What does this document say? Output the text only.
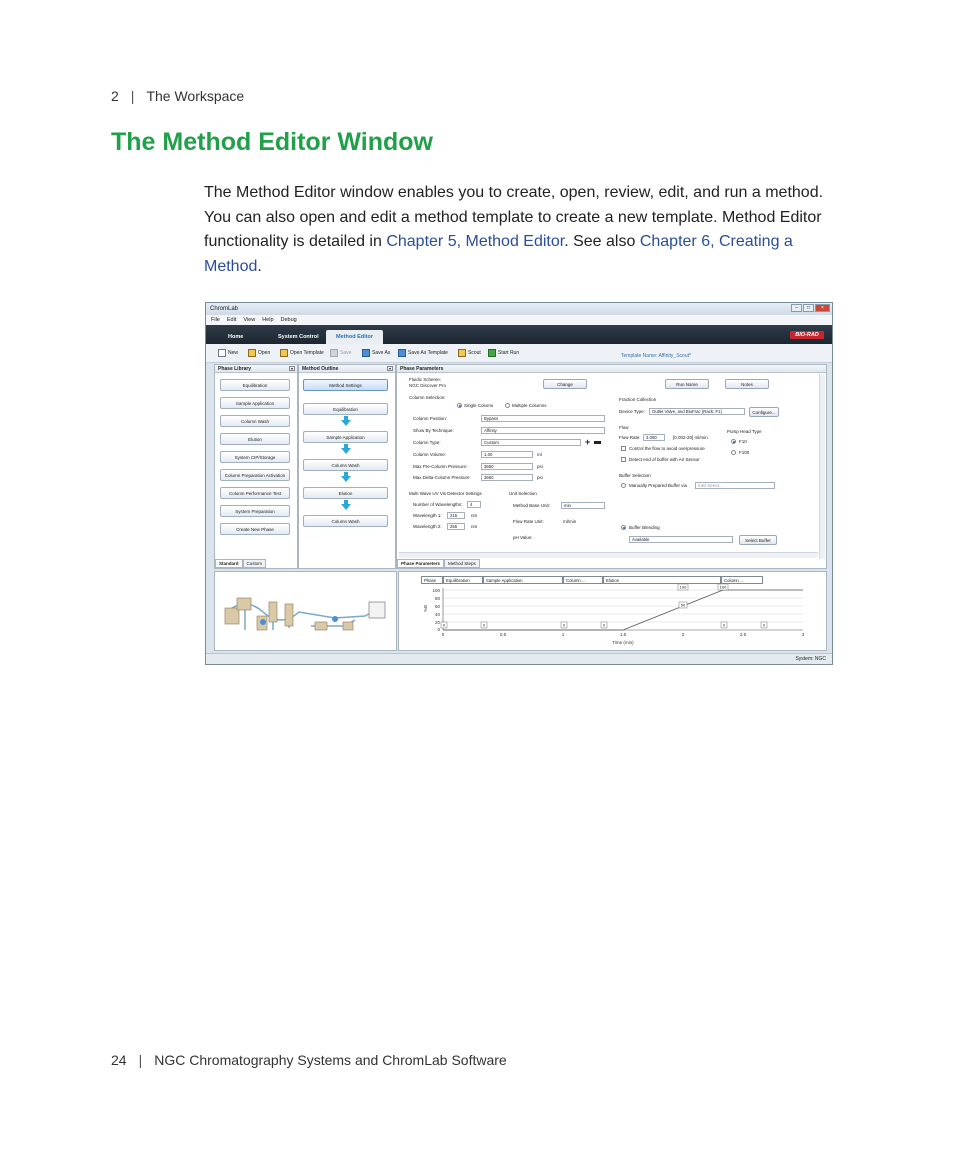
2 | The Workspace
The Method Editor Window

The Method Editor window enables you to create, open, review, edit, and run a method. You can also open and edit a method template to create a new template. Method Editor functionality is detailed in Chapter 5, Method Editor. See also Chapter 6, Creating a Method.

ChromLab	–	□	×
File Edit View Help Debug
Home	System Control	Method Editor	BIO-RAD
New	Open	Open Template	Save	Save As	Save As Template	Scout	Start Run	Template Name: Affinity_Scout*
Phase Library	▾
Equilibration
Sample Application
Column Wash
Elution
System CIP/Storage
Column Preparation Activation
Column Performance Test
System Preparation
Create New Phase
Standard	Custom
Method Outline	▾
Method Settings
Equilibration
Sample Application
Column Wash
Elution
Column Wash
Phase Parameters
Fluidic Scheme:
NGC Discover Pro	Change	Run Name	Notes
Column Selection:
Single Column	Multiple Columns
Column Position:	Bypass
Show By Technique:	Affinity
Column Type:	Custom	+
Column Volume:	1.00	ml
Max Pre-Column Pressure:	3650	psi
Max Delta-Column Pressure:	3650	psi
Multi Wave UV Vis Detector Settings
Number of Wavelengths:	4
Wavelength 1:	215	nm
Wavelength 2:	255	nm
Unit Selection
Method Base Unit:	min
Flow Rate Unit:	ml/min
pH Value:
Fraction Collection
Device Type:	Outlet Valve, and BioFrac (Rack: F1)	Configure...
Flow
Flow Rate:	3.000	[0.002-20] ml/min
Pump Head Type
F10
F100
Control the flow to avoid overpressure
Detect end of buffer with Air Sensor
Buffer Selection
Manually Prepared Buffer via	Inlet Select...
Buffer Blending
Available	Select Buffer
Phase Parameters	Method Steps
Phase	Equilibration	Sample Application	Column ...	Elution	Column ...
100
80
60
40
20
0
%B
0	0.5	1	1.5	2	2.5	3
Time (min)
0	0	0	0
50
100	100
0	0
System: NGC
24 | NGC Chromatography Systems and ChromLab Software
